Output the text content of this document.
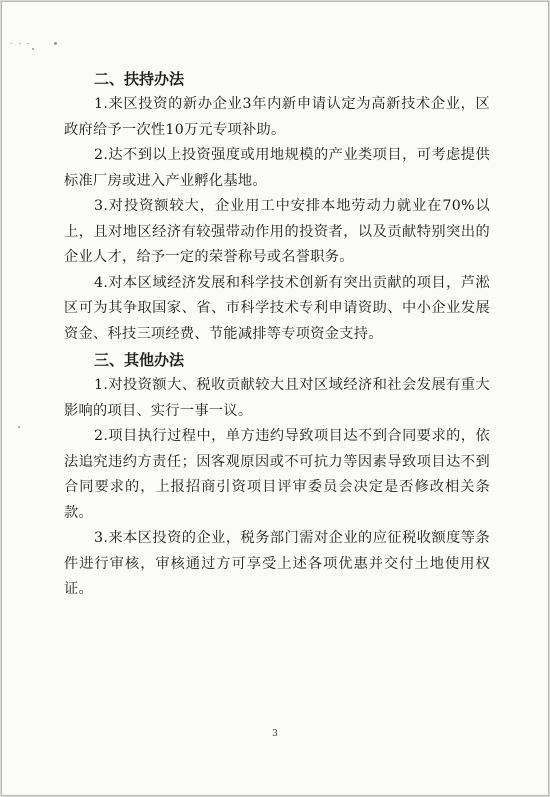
· · ·

二、扶持办法

1.来区投资的新办企业3年内新申请认定为高新技术企业，区政府给予一次性10万元专项补助。

2.达不到以上投资强度或用地规模的产业类项目，可考虑提供标准厂房或进入产业孵化基地。

3.对投资额较大，企业用工中安排本地劳动力就业在70%以上，且对地区经济有较强带动作用的投资者，以及贡献特别突出的企业人才，给予一定的荣誉称号或名誉职务。

4.对本区域经济发展和科学技术创新有突出贡献的项目，芦淞区可为其争取国家、省、市科学技术专利申请资助、中小企业发展资金、科技三项经费、节能减排等专项资金支持。

三、其他办法

1.对投资额大、税收贡献较大且对区域经济和社会发展有重大影响的项目、实行一事一议。

2.项目执行过程中，单方违约导致项目达不到合同要求的，依法追究违约方责任；因客观原因或不可抗力等因素导致项目达不到合同要求的，上报招商引资项目评审委员会决定是否修改相关条款。

3.来本区投资的企业，税务部门需对企业的应征税收额度等条件进行审核，审核通过方可享受上述各项优惠并交付土地使用权证。

3
